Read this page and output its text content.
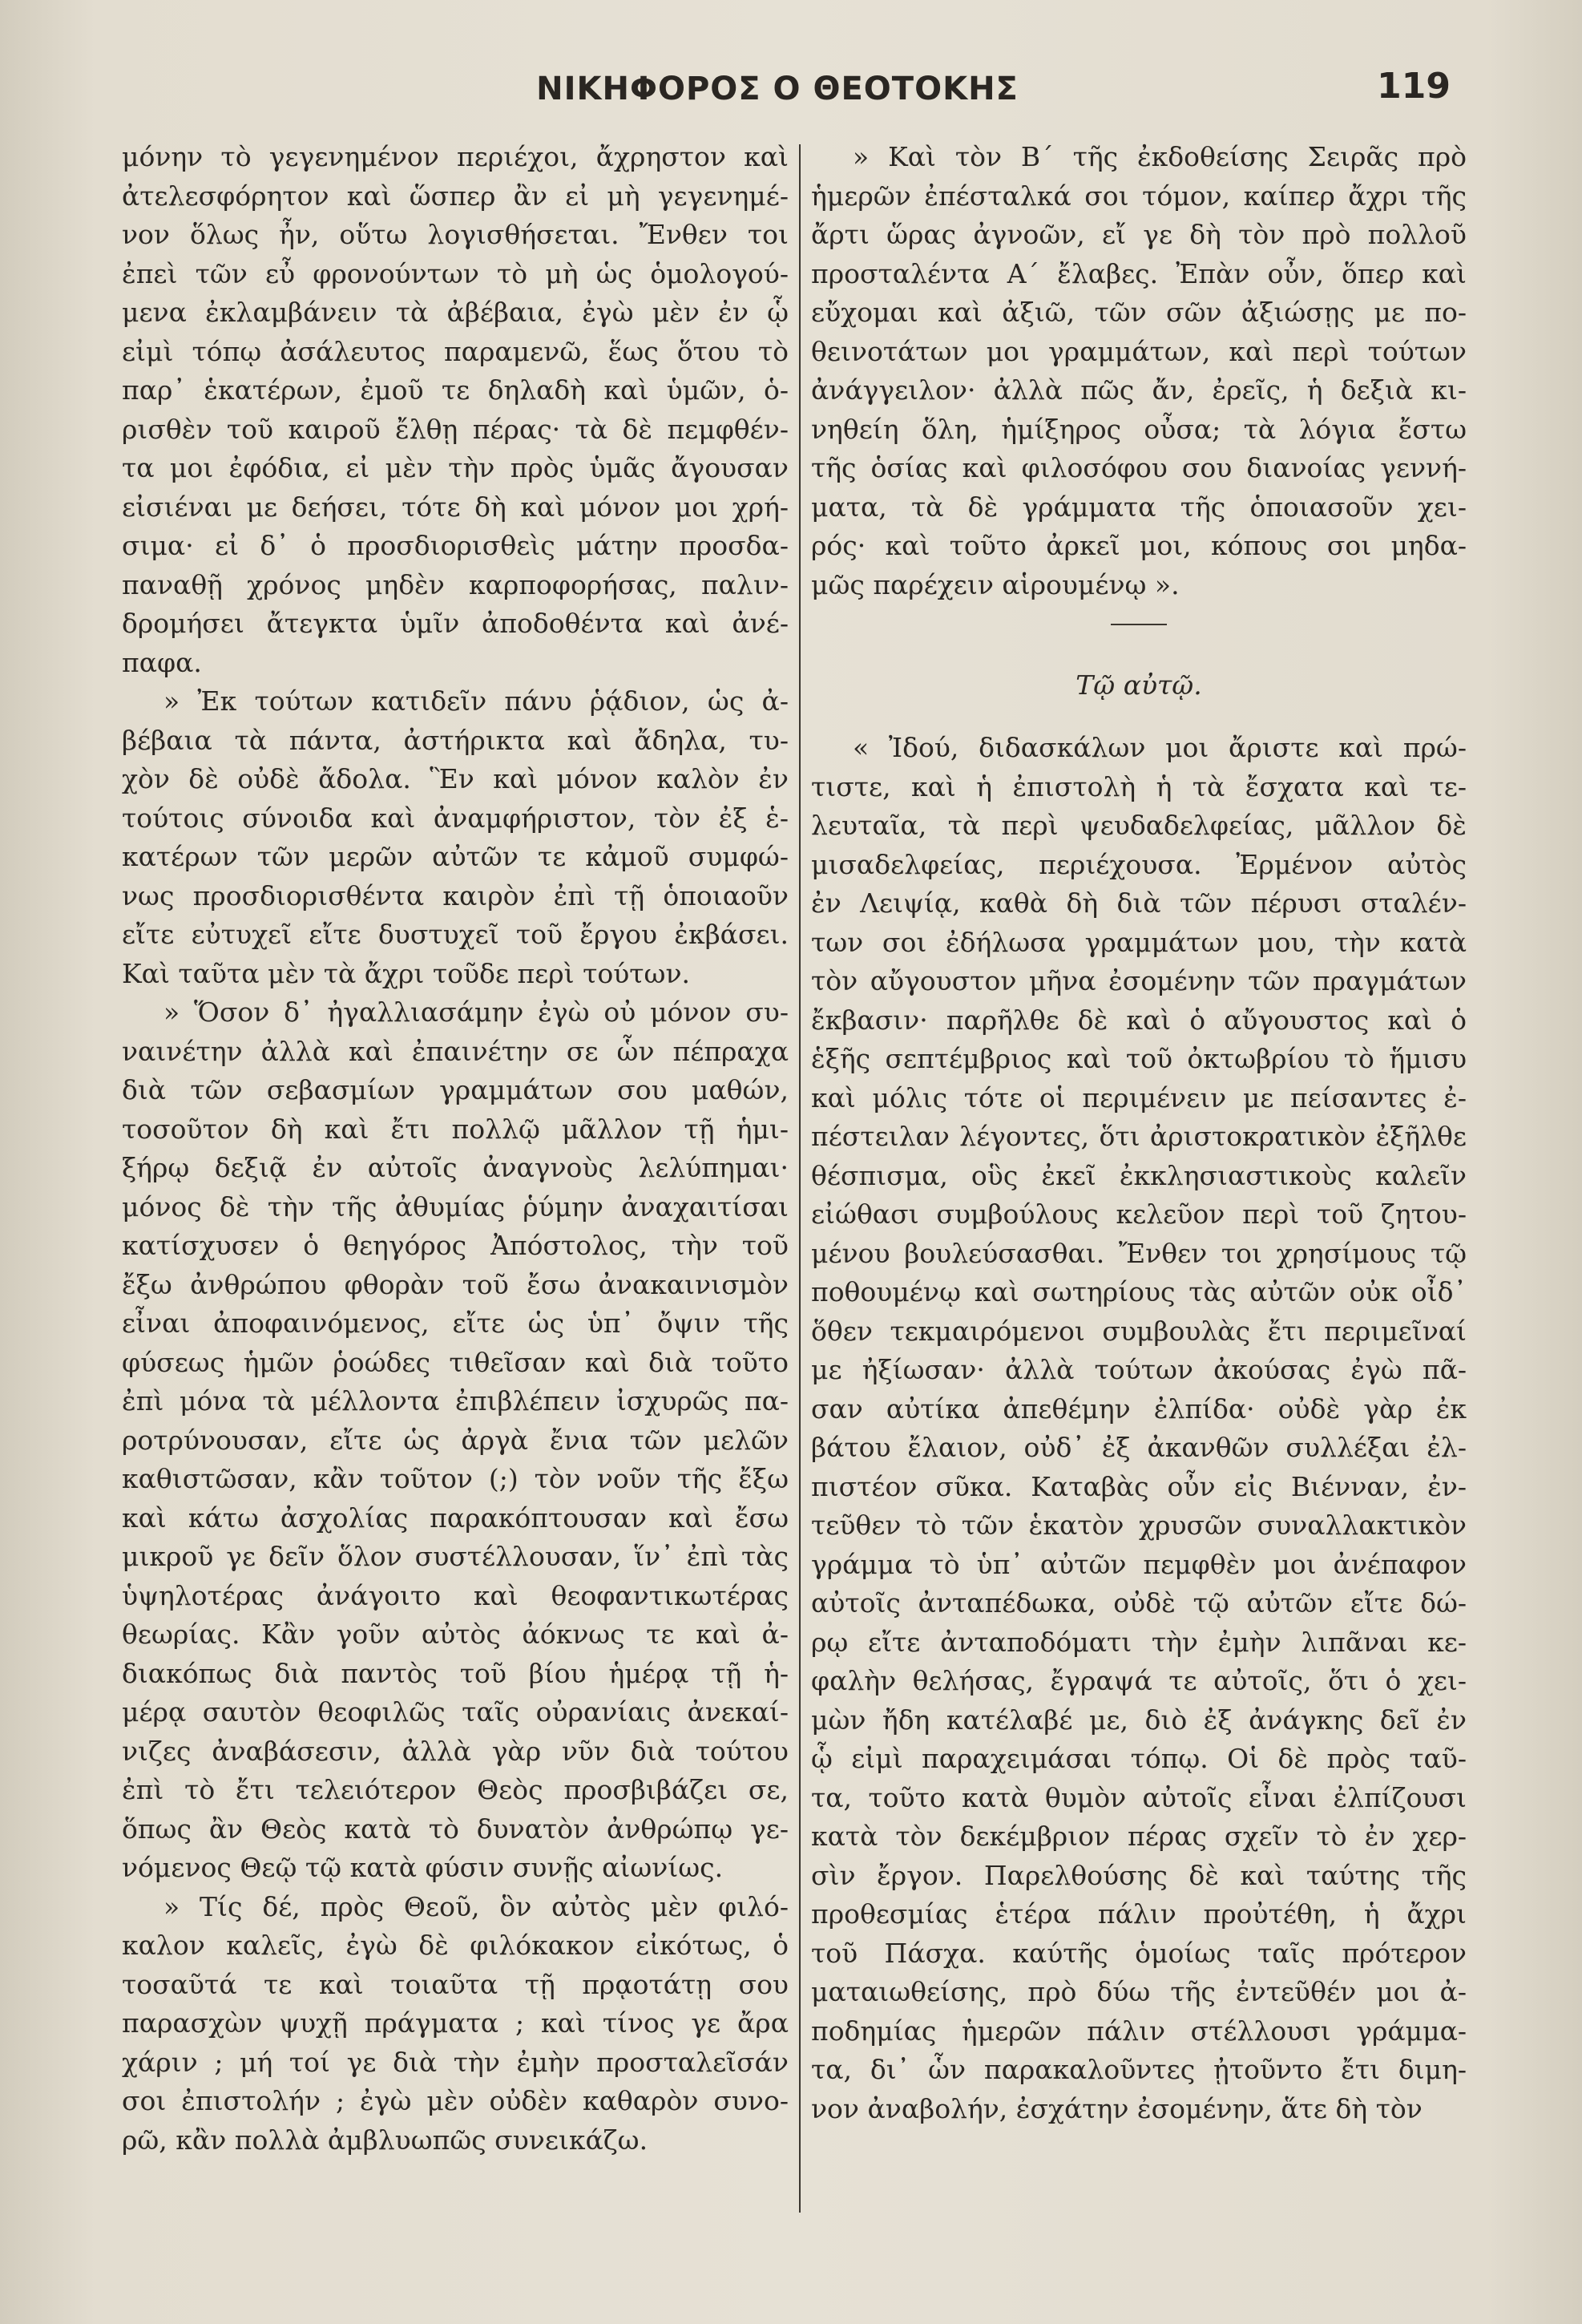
ΝΙΚΗΦΟΡΟΣ Ο ΘΕΟΤΟΚΗΣ	119
μόνην τὸ γεγενημένον περιέχοι, ἄχρηστον καὶ
ἀτελεσφόρητον καὶ ὥσπερ ἂν εἰ μὴ γεγενημέ-
νον ὅλως ἦν, οὕτω λογισθήσεται. Ἔνθεν τοι
ἐπεὶ τῶν εὖ φρονούντων τὸ μὴ ὡς ὁμολογού-
μενα ἐκλαμβάνειν τὰ ἀβέβαια, ἐγὼ μὲν ἐν ᾧ
εἰμὶ τόπῳ ἀσάλευτος παραμενῶ, ἕως ὅτου τὸ
παρ᾽ ἑκατέρων, ἐμοῦ τε δηλαδὴ καὶ ὑμῶν, ὁ-
ρισθὲν τοῦ καιροῦ ἔλθῃ πέρας· τὰ δὲ πεμφθέν-
τα μοι ἐφόδια, εἰ μὲν τὴν πρὸς ὑμᾶς ἄγουσαν
εἰσιέναι με δεήσει, τότε δὴ καὶ μόνον μοι χρή-
σιμα· εἰ δ᾽ ὁ προσδιορισθεὶς μάτην προσδα-
παναθῇ χρόνος μηδὲν καρποφορήσας, παλιν-
δρομήσει ἄτεγκτα ὑμῖν ἀποδοθέντα καὶ ἀνέ-
παφα.
» Ἐκ τούτων κατιδεῖν πάνυ ῥᾴδιον, ὡς ἀ-
βέβαια τὰ πάντα, ἀστήρικτα καὶ ἄδηλα, τυ-
χὸν δὲ οὐδὲ ἄδολα. Ἓν καὶ μόνον καλὸν ἐν
τούτοις σύνοιδα καὶ ἀναμφήριστον, τὸν ἐξ ἑ-
κατέρων τῶν μερῶν αὐτῶν τε κἀμοῦ συμφώ-
νως προσδιορισθέντα καιρὸν ἐπὶ τῇ ὁποιαοῦν
εἴτε εὐτυχεῖ εἴτε δυστυχεῖ τοῦ ἔργου ἐκβάσει.
Καὶ ταῦτα μὲν τὰ ἄχρι τοῦδε περὶ τούτων.
» Ὅσον δ᾽ ἠγαλλιασάμην ἐγὼ οὐ μόνον συ-
ναινέτην ἀλλὰ καὶ ἐπαινέτην σε ὧν πέπραχα
διὰ τῶν σεβασμίων γραμμάτων σου μαθών,
τοσοῦτον δὴ καὶ ἔτι πολλῷ μᾶλλον τῇ ἡμι-
ξήρῳ δεξιᾷ ἐν αὐτοῖς ἀναγνοὺς λελύπημαι·
μόνος δὲ τὴν τῆς ἀθυμίας ῥύμην ἀναχαιτίσαι
κατίσχυσεν ὁ θεηγόρος Ἀπόστολος, τὴν τοῦ
ἔξω ἀνθρώπου φθορὰν τοῦ ἔσω ἀνακαινισμὸν
εἶναι ἀποφαινόμενος, εἴτε ὡς ὑπ᾽ ὄψιν τῆς
φύσεως ἡμῶν ῥοώδες τιθεῖσαν καὶ διὰ τοῦτο
ἐπὶ μόνα τὰ μέλλοντα ἐπιβλέπειν ἰσχυρῶς πα-
ροτρύνουσαν, εἴτε ὡς ἀργὰ ἔνια τῶν μελῶν
καθιστῶσαν, κἂν τοῦτον (;) τὸν νοῦν τῆς ἔξω
καὶ κάτω ἀσχολίας παρακόπτουσαν καὶ ἔσω
μικροῦ γε δεῖν ὅλον συστέλλουσαν, ἵν᾽ ἐπὶ τὰς
ὑψηλοτέρας ἀνάγοιτο καὶ θεοφαντικωτέρας
θεωρίας. Κἂν γοῦν αὐτὸς ἀόκνως τε καὶ ἀ-
διακόπως διὰ παντὸς τοῦ βίου ἡμέρᾳ τῇ ἡ-
μέρᾳ σαυτὸν θεοφιλῶς ταῖς οὐρανίαις ἀνεκαί-
νιζες ἀναβάσεσιν, ἀλλὰ γὰρ νῦν διὰ τούτου
ἐπὶ τὸ ἔτι τελειότερον Θεὸς προσβιβάζει σε,
ὅπως ἂν Θεὸς κατὰ τὸ δυνατὸν ἀνθρώπῳ γε-
νόμενος Θεῷ τῷ κατὰ φύσιν συνῇς αἰωνίως.
» Τίς δέ, πρὸς Θεοῦ, ὃν αὐτὸς μὲν φιλό-
καλον καλεῖς, ἐγὼ δὲ φιλόκακον εἰκότως, ὁ
τοσαῦτά τε καὶ τοιαῦτα τῇ πρᾳοτάτῃ σου
παρασχὼν ψυχῇ πράγματα ; καὶ τίνος γε ἄρα
χάριν ; μή τοί γε διὰ τὴν ἐμὴν προσταλεῖσάν
σοι ἐπιστολήν ; ἐγὼ μὲν οὐδὲν καθαρὸν συνο-
ρῶ, κἂν πολλὰ ἀμβλυωπῶς συνεικάζω.
» Καὶ τὸν Β´ τῆς ἐκδοθείσης Σειρᾶς πρὸ
ἡμερῶν ἐπέσταλκά σοι τόμον, καίπερ ἄχρι τῆς
ἄρτι ὥρας ἀγνοῶν, εἴ γε δὴ τὸν πρὸ πολλοῦ
προσταλέντα Α´ ἔλαβες. Ἐπὰν οὖν, ὅπερ καὶ
εὔχομαι καὶ ἀξιῶ, τῶν σῶν ἀξιώσῃς με πο-
θεινοτάτων μοι γραμμάτων, καὶ περὶ τούτων
ἀνάγγειλον· ἀλλὰ πῶς ἄν, ἐρεῖς, ἡ δεξιὰ κι-
νηθείη ὅλη, ἡμίξηρος οὖσα; τὰ λόγια ἔστω
τῆς ὁσίας καὶ φιλοσόφου σου διανοίας γεννή-
ματα, τὰ δὲ γράμματα τῆς ὁποιασοῦν χει-
ρός· καὶ τοῦτο ἀρκεῖ μοι, κόπους σοι μηδα-
μῶς παρέχειν αἱρουμένῳ ».
Τῷ αὐτῷ.
« Ἰδού, διδασκάλων μοι ἄριστε καὶ πρώ-
τιστε, καὶ ἡ ἐπιστολὴ ἡ τὰ ἔσχατα καὶ τε-
λευταῖα, τὰ περὶ ψευδαδελφείας, μᾶλλον δὲ
μισαδελφείας, περιέχουσα. Ἐρμένον αὐτὸς
ἐν Λειψίᾳ, καθὰ δὴ διὰ τῶν πέρυσι σταλέν-
των σοι ἐδήλωσα γραμμάτων μου, τὴν κατὰ
τὸν αὔγουστον μῆνα ἐσομένην τῶν πραγμάτων
ἔκβασιν· παρῆλθε δὲ καὶ ὁ αὔγουστος καὶ ὁ
ἑξῆς σεπτέμβριος καὶ τοῦ ὀκτωβρίου τὸ ἥμισυ
καὶ μόλις τότε οἱ περιμένειν με πείσαντες ἐ-
πέστειλαν λέγοντες, ὅτι ἀριστοκρατικὸν ἐξῆλθε
θέσπισμα, οὓς ἐκεῖ ἐκκλησιαστικοὺς καλεῖν
εἰώθασι συμβούλους κελεῦον περὶ τοῦ ζητου-
μένου βουλεύσασθαι. Ἔνθεν τοι χρησίμους τῷ
ποθουμένῳ καὶ σωτηρίους τὰς αὐτῶν οὐκ οἶδ᾽
ὅθεν τεκμαιρόμενοι συμβουλὰς ἔτι περιμεῖναί
με ἠξίωσαν· ἀλλὰ τούτων ἀκούσας ἐγὼ πᾶ-
σαν αὐτίκα ἀπεθέμην ἐλπίδα· οὐδὲ γὰρ ἐκ
βάτου ἔλαιον, οὐδ᾽ ἐξ ἀκανθῶν συλλέξαι ἐλ-
πιστέον σῦκα. Καταβὰς οὖν εἰς Βιένναν, ἐν-
τεῦθεν τὸ τῶν ἑκατὸν χρυσῶν συναλλακτικὸν
γράμμα τὸ ὑπ᾽ αὐτῶν πεμφθὲν μοι ἀνέπαφον
αὐτοῖς ἀνταπέδωκα, οὐδὲ τῷ αὐτῶν εἴτε δώ-
ρῳ εἴτε ἀνταποδόματι τὴν ἐμὴν λιπᾶναι κε-
φαλὴν θελήσας, ἔγραψά τε αὐτοῖς, ὅτι ὁ χει-
μὼν ἤδη κατέλαβέ με, διὸ ἐξ ἀνάγκης δεῖ ἐν
ᾧ εἰμὶ παραχειμάσαι τόπῳ. Οἱ δὲ πρὸς ταῦ-
τα, τοῦτο κατὰ θυμὸν αὐτοῖς εἶναι ἐλπίζουσι
κατὰ τὸν δεκέμβριον πέρας σχεῖν τὸ ἐν χερ-
σὶν ἔργον. Παρελθούσης δὲ καὶ ταύτης τῆς
προθεσμίας ἑτέρα πάλιν προὐτέθη, ἡ ἄχρι
τοῦ Πάσχα. καύτῆς ὁμοίως ταῖς πρότερον
ματαιωθείσης, πρὸ δύω τῆς ἐντεῦθέν μοι ἀ-
ποδημίας ἡμερῶν πάλιν στέλλουσι γράμμα-
τα, δι᾽ ὧν παρακαλοῦντες ᾐτοῦντο ἔτι διμη-
νον ἀναβολήν, ἐσχάτην ἐσομένην, ἅτε δὴ τὸν
